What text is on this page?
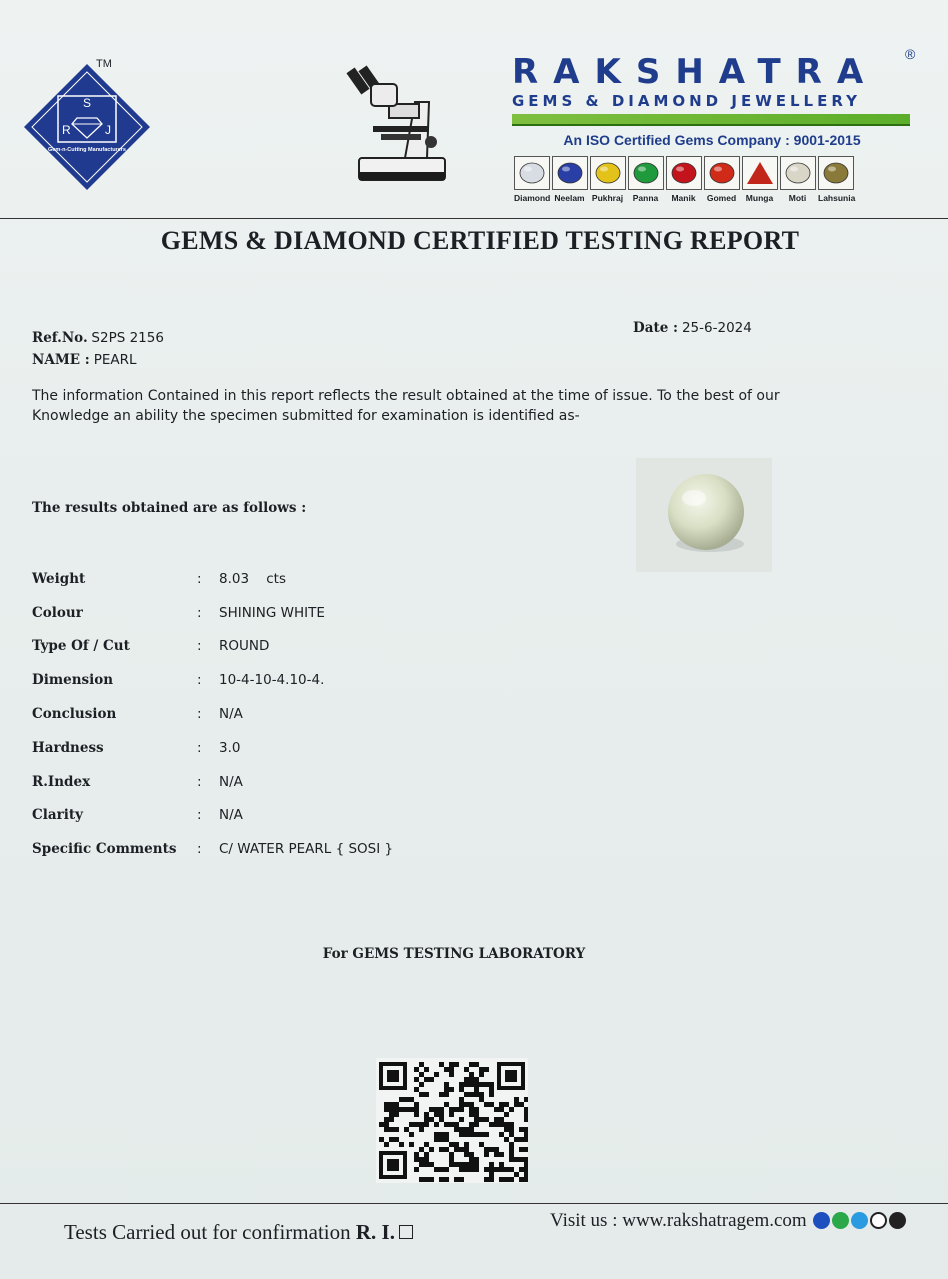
TM
S
R	J
Gem-n-Cutting Manufacturers
RAKSHATRA	®
GEMS & DIAMOND JEWELLERY
An ISO Certified Gems Company : 9001-2015
Diamond Neelam Pukhraj	Panna	Manik	Gomed	Munga	Moti	Lahsunia
GEMS & DIAMOND CERTIFIED TESTING REPORT
Ref.No. S2PS 2156
NAME : PEARL
Date : 25-6-2024
The information Contained in this report reflects the result obtained at the time of issue. To the best of our Knowledge an ability the specimen submitted for examination is identified as-
The results obtained are as follows :
Weight	:	8.03    cts
Colour	:	SHINING WHITE
Type Of / Cut	:	ROUND
Dimension	:	10-4-10-4.10-4.
Conclusion	:	N/A
Hardness	:	3.0
R.Index	:	N/A
Clarity	:	N/A
Specific Comments	:	C/ WATER PEARL { SOSI }
For GEMS TESTING LABORATORY
Tests Carried out for confirmation R. I.	Visit us : www.rakshatragem.com
